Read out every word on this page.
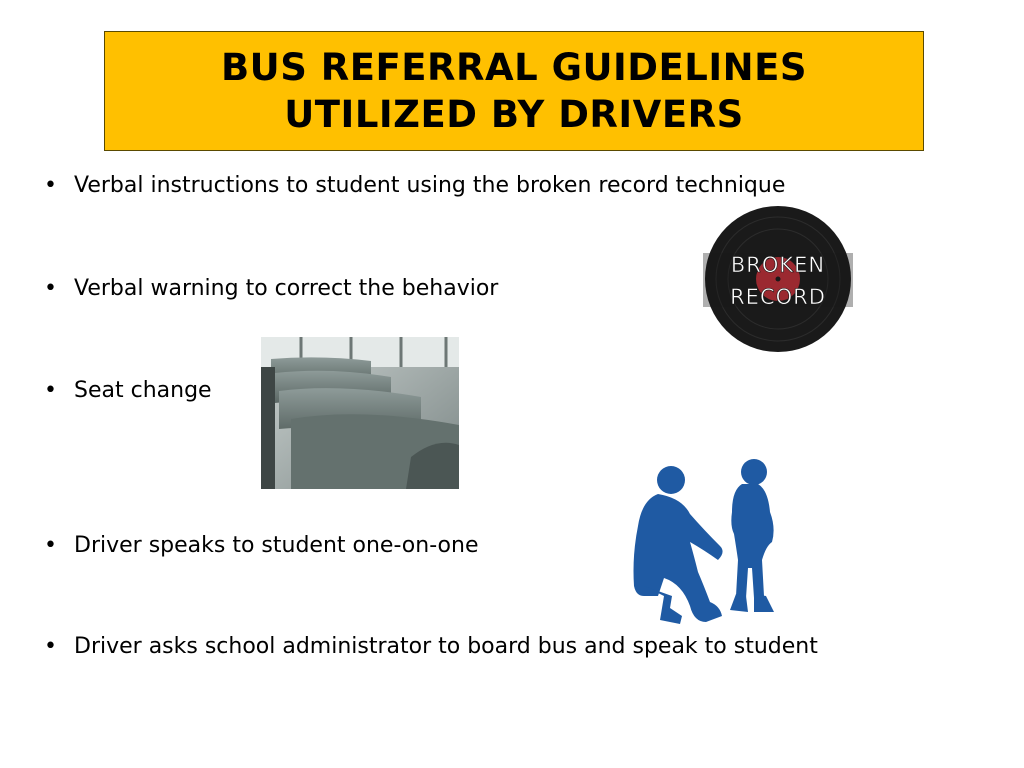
BUS REFERRAL GUIDELINES
UTILIZED BY DRIVERS
• Verbal instructions to student using the broken record technique
• Verbal warning to correct the behavior
• Seat change
• Driver speaks to student one-on-one
• Driver asks school administrator to board bus and speak to student
BROKEN
RECORD
